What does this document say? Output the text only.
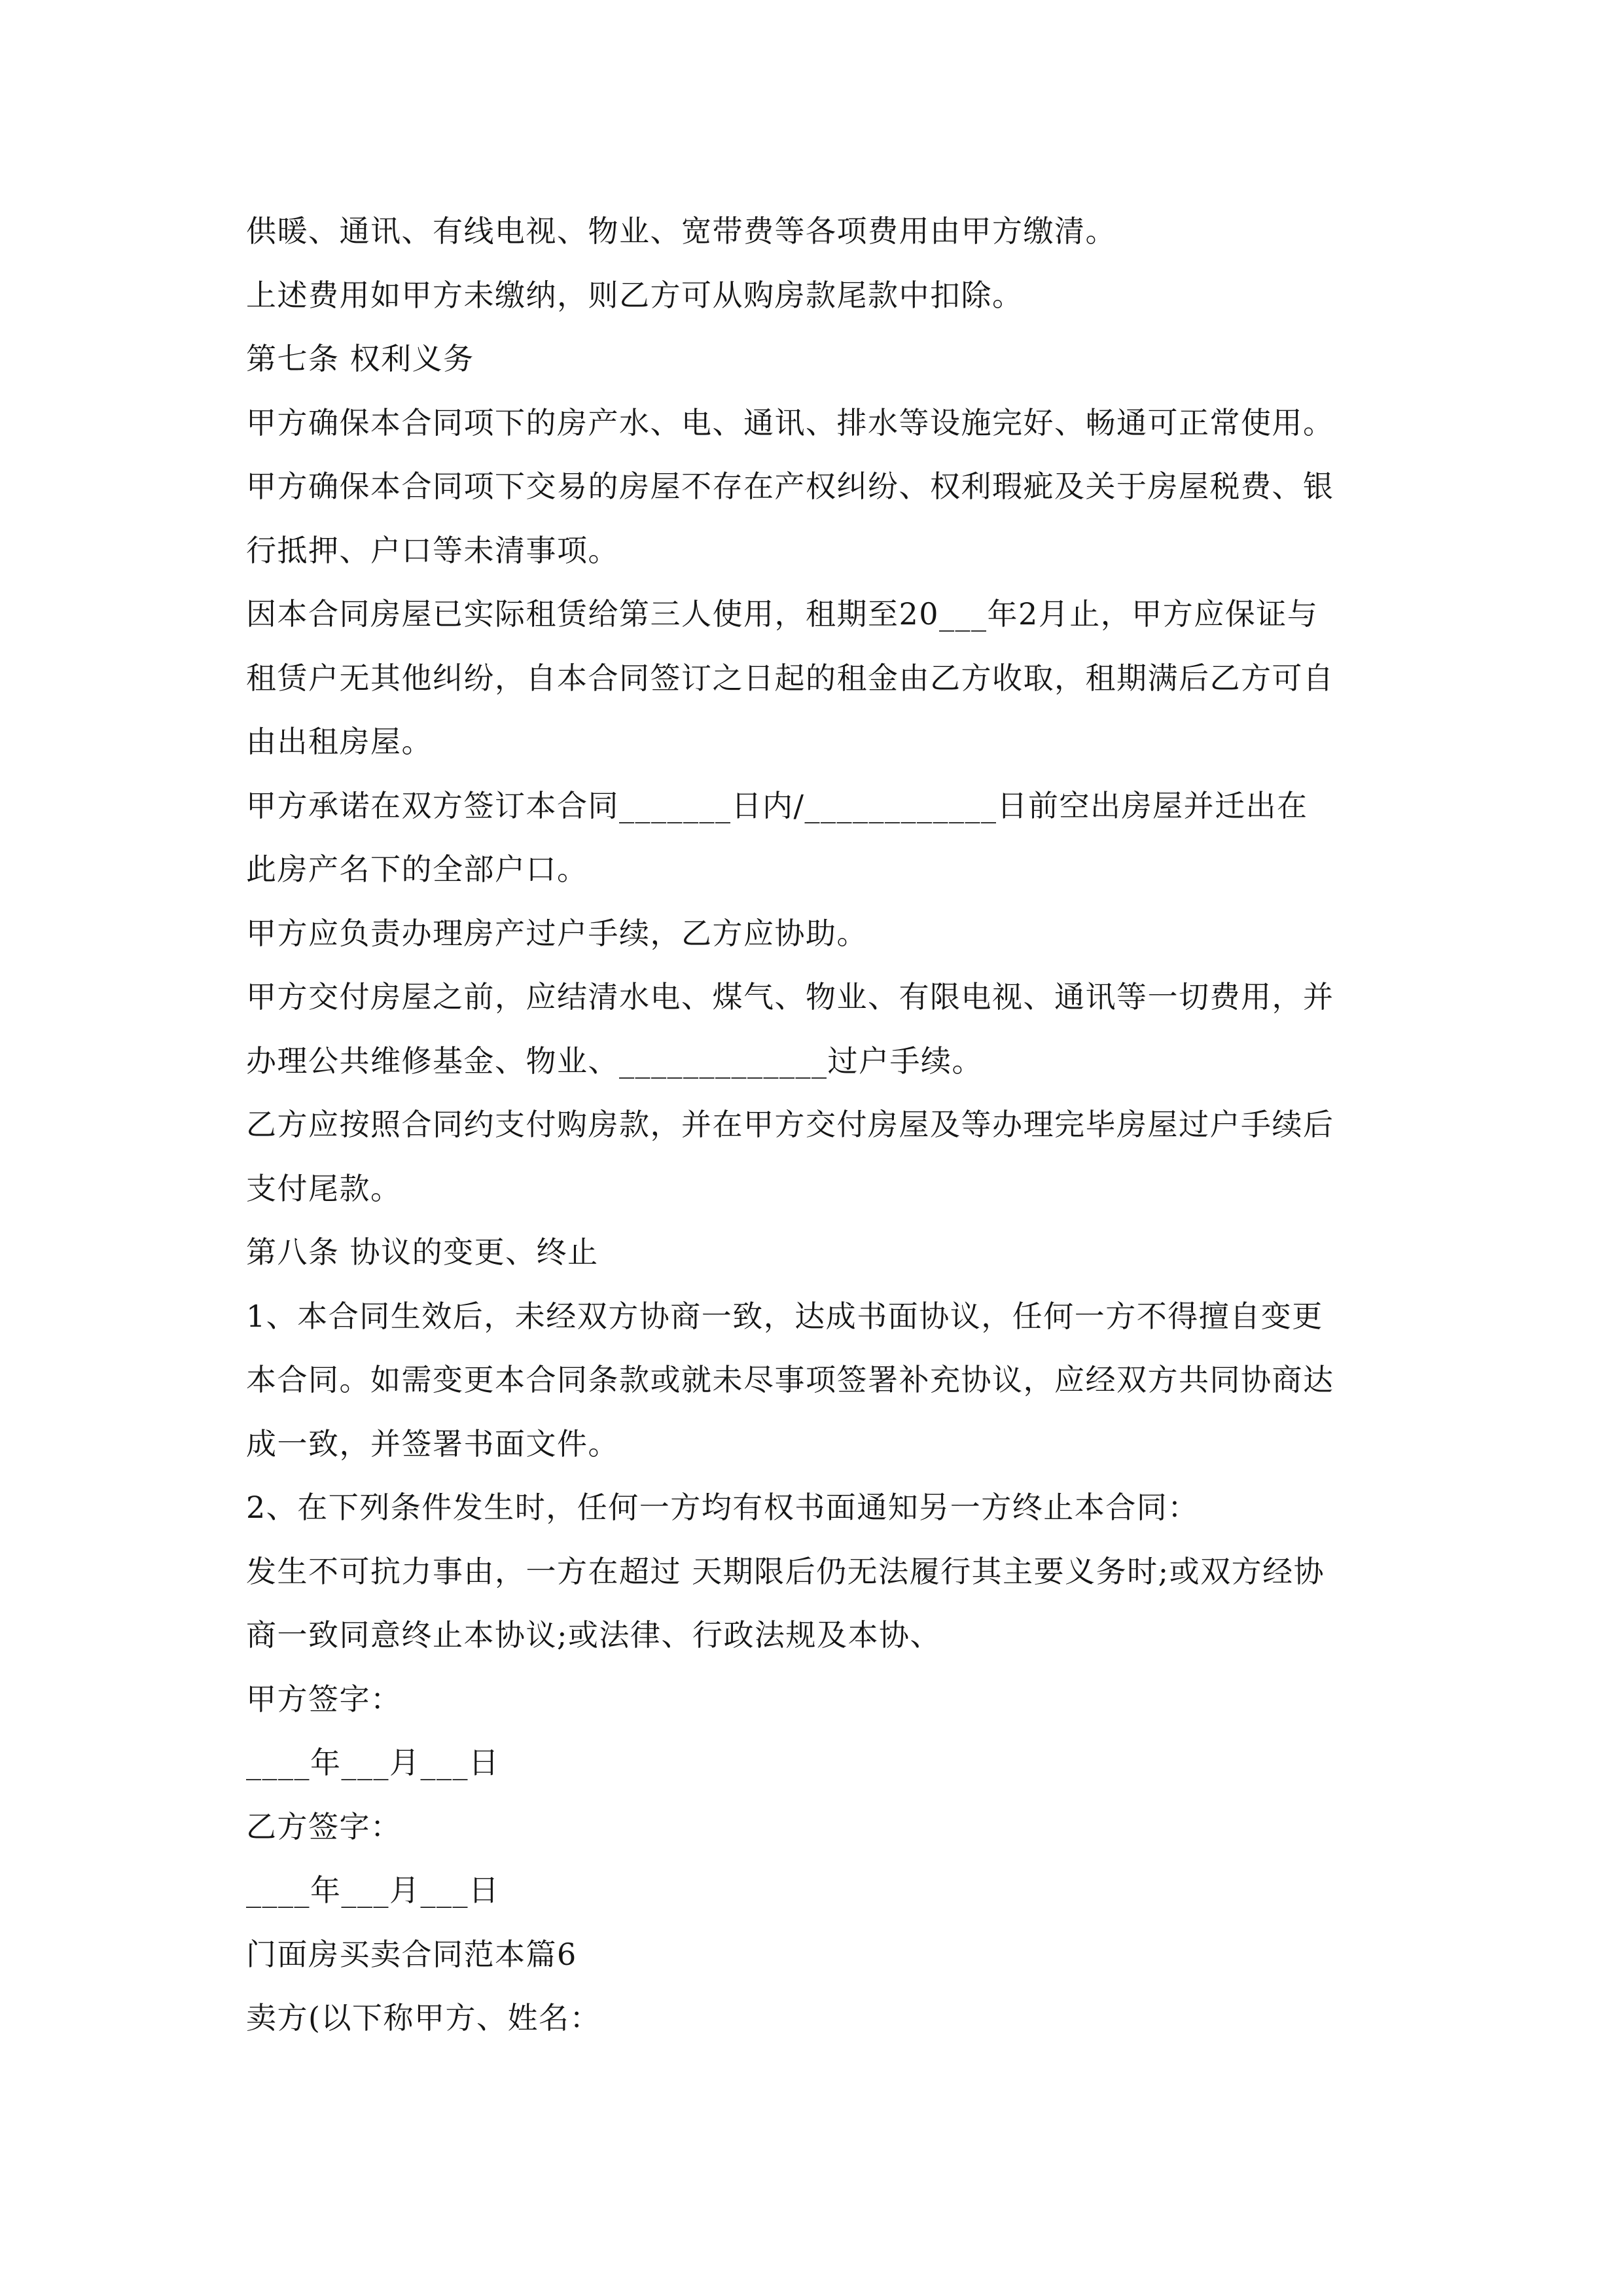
供暖、通讯、有线电视、物业、宽带费等各项费用由甲方缴清。
上述费用如甲方未缴纳，则乙方可从购房款尾款中扣除。
第七条 权利义务
甲方确保本合同项下的房产水、电、通讯、排水等设施完好、畅通可正常使用。
甲方确保本合同项下交易的房屋不存在产权纠纷、权利瑕疵及关于房屋税费、银
行抵押、户口等未清事项。
因本合同房屋已实际租赁给第三人使用，租期至20___年2月止，甲方应保证与
租赁户无其他纠纷，自本合同签订之日起的租金由乙方收取，租期满后乙方可自
由出租房屋。
甲方承诺在双方签订本合同_______日内/____________日前空出房屋并迁出在
此房产名下的全部户口。
甲方应负责办理房产过户手续，乙方应协助。
甲方交付房屋之前，应结清水电、煤气、物业、有限电视、通讯等一切费用，并
办理公共维修基金、物业、_____________过户手续。
乙方应按照合同约支付购房款，并在甲方交付房屋及等办理完毕房屋过户手续后
支付尾款。
第八条 协议的变更、终止
1、本合同生效后，未经双方协商一致，达成书面协议，任何一方不得擅自变更
本合同。如需变更本合同条款或就未尽事项签署补充协议，应经双方共同协商达
成一致，并签署书面文件。
2、在下列条件发生时，任何一方均有权书面通知另一方终止本合同：
发生不可抗力事由，一方在超过 天期限后仍无法履行其主要义务时;或双方经协
商一致同意终止本协议;或法律、行政法规及本协、
甲方签字：
____年___月___日
乙方签字：
____年___月___日
门面房买卖合同范本篇6
卖方(以下称甲方、姓名：
